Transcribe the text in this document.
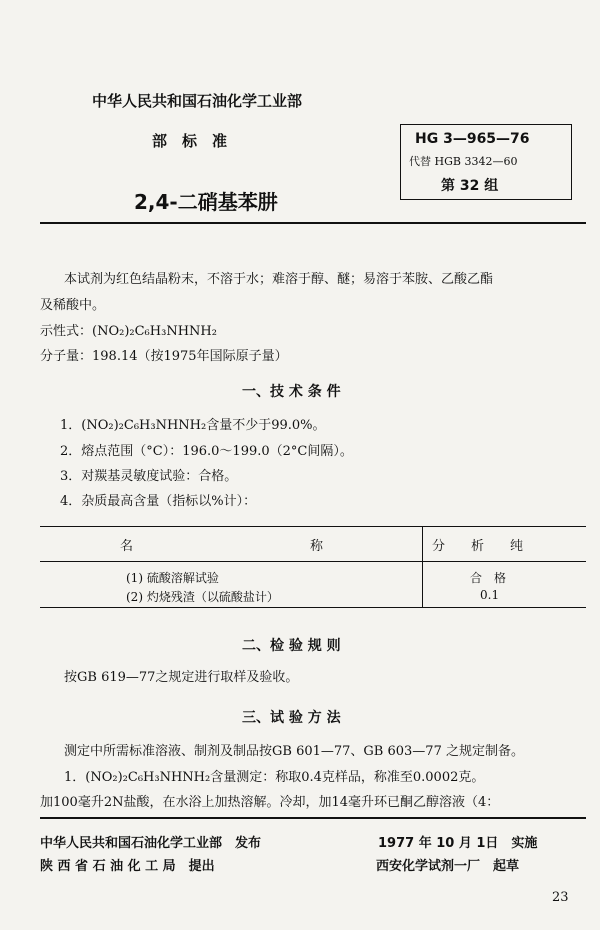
中华人民共和国石油化学工业部
部　标　准
2,4-二硝基苯肼
HG 3—965—76
代替 HGB 3342—60
第 32 组
本试剂为红色结晶粉末，不溶于水；难溶于醇、醚；易溶于苯胺、乙酸乙酯
及稀酸中。
示性式：(NO₂)₂C₆H₃NHNH₂
分子量：198.14（按1975年国际原子量）
一、技 术 条 件
1．(NO₂)₂C₆H₃NHNH₂含量不少于99.0%。
2．熔点范围（°C）：196.0～199.0（2°C间隔）。
3．对羰基灵敏度试验：合格。
4．杂质最高含量（指标以%计）：
名	称	分　　析　　纯
(1) 硫酸溶解试验	合　格
(2) 灼烧残渣（以硫酸盐计）	0.1
二、检 验 规 则
按GB 619—77之规定进行取样及验收。
三、试 验 方 法
测定中所需标准溶液、制剂及制品按GB 601—77、GB 603—77 之规定制备。
1．(NO₂)₂C₆H₃NHNH₂含量测定：称取0.4克样品，称准至0.0002克。
加100毫升2N盐酸，在水浴上加热溶解。冷却，加14毫升环已酮乙醇溶液（4：
中华人民共和国石油化学工业部　发布
陕 西 省 石 油 化 工 局　提出
1977 年 10 月 1日　实施
西安化学试剂一厂　起草
23
